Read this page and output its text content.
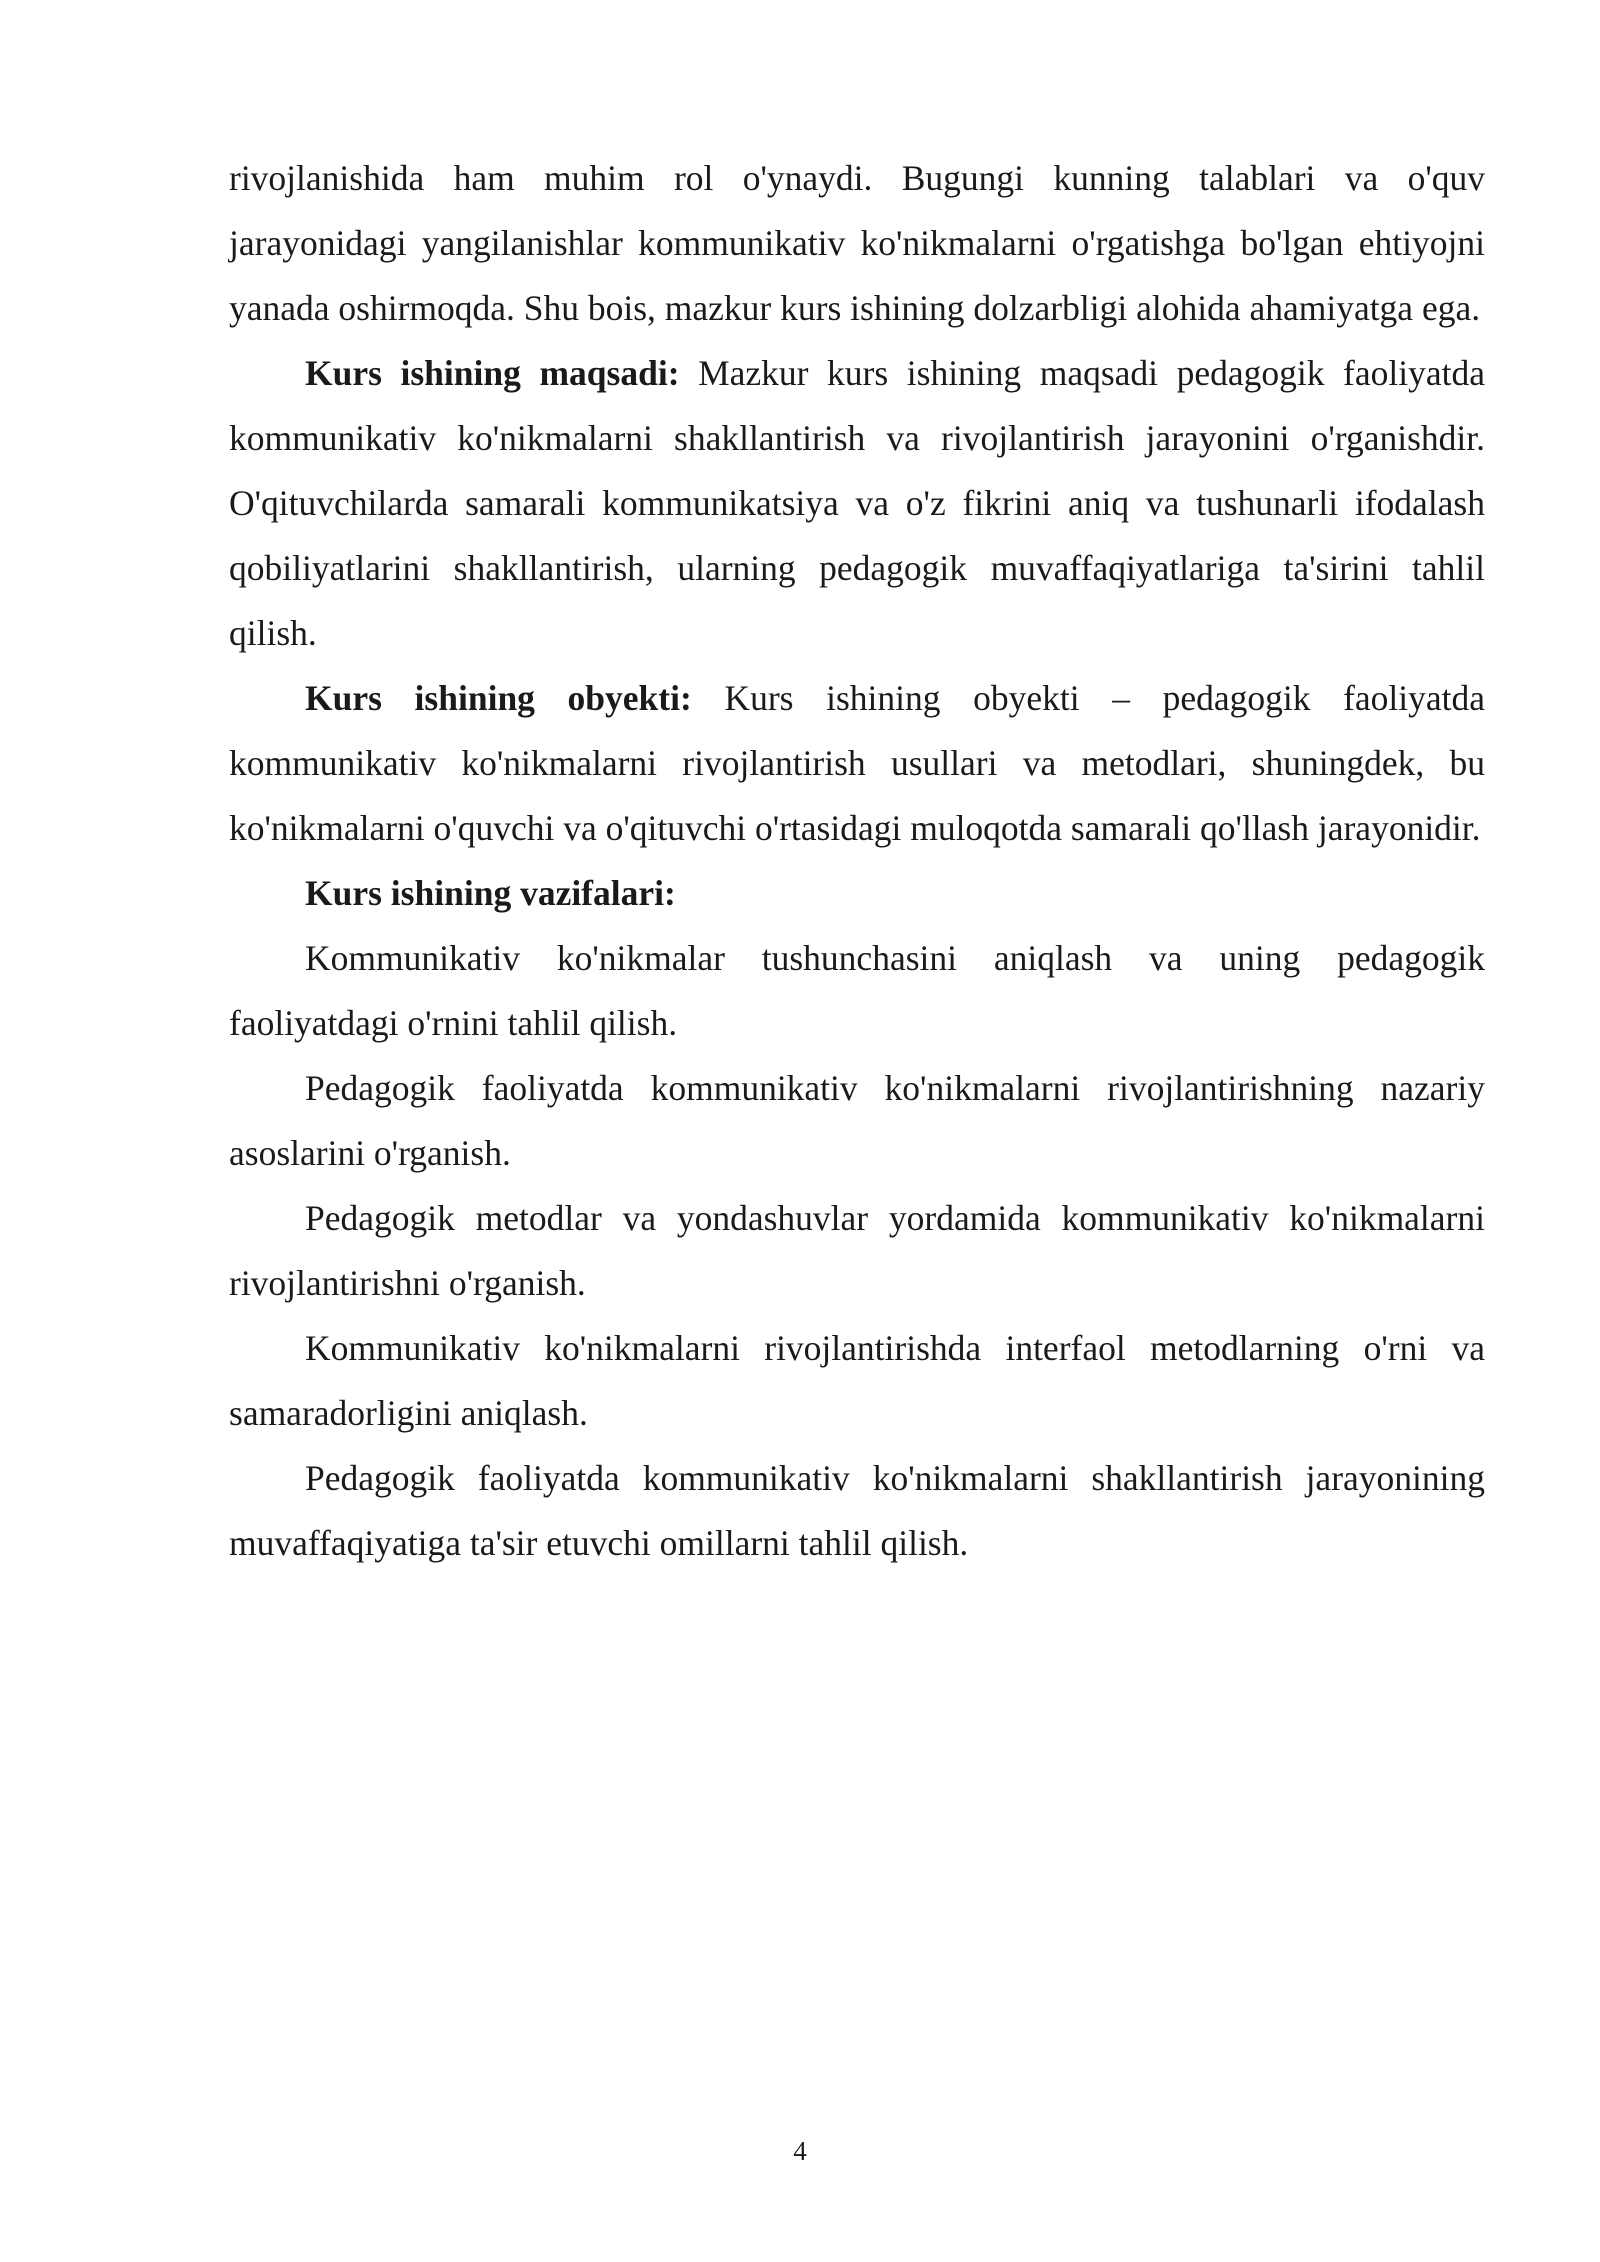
rivojlanishida ham muhim rol o'ynaydi. Bugungi kunning talablari va o'quv jarayonidagi yangilanishlar kommunikativ ko'nikmalarni o'rgatishga bo'lgan ehtiyojni yanada oshirmoqda. Shu bois, mazkur kurs ishining dolzarbligi alohida ahamiyatga ega.

Kurs ishining maqsadi: Mazkur kurs ishining maqsadi pedagogik faoliyatda kommunikativ ko'nikmalarni shakllantirish va rivojlantirish jarayonini o'rganishdir. O'qituvchilarda samarali kommunikatsiya va o'z fikrini aniq va tushunarli ifodalash qobiliyatlarini shakllantirish, ularning pedagogik muvaffaqiyatlariga ta'sirini tahlil qilish.

Kurs ishining obyekti: Kurs ishining obyekti – pedagogik faoliyatda kommunikativ ko'nikmalarni rivojlantirish usullari va metodlari, shuningdek, bu ko'nikmalarni o'quvchi va o'qituvchi o'rtasidagi muloqotda samarali qo'llash jarayonidir.

Kurs ishining vazifalari:

Kommunikativ ko'nikmalar tushunchasini aniqlash va uning pedagogik faoliyatdagi o'rnini tahlil qilish.

Pedagogik faoliyatda kommunikativ ko'nikmalarni rivojlantirishning nazariy asoslarini o'rganish.

Pedagogik metodlar va yondashuvlar yordamida kommunikativ ko'nikmalarni rivojlantirishni o'rganish.

Kommunikativ ko'nikmalarni rivojlantirishda interfaol metodlarning o'rni va samaradorligini aniqlash.

Pedagogik faoliyatda kommunikativ ko'nikmalarni shakllantirish jarayonining muvaffaqiyatiga ta'sir etuvchi omillarni tahlil qilish.

4
